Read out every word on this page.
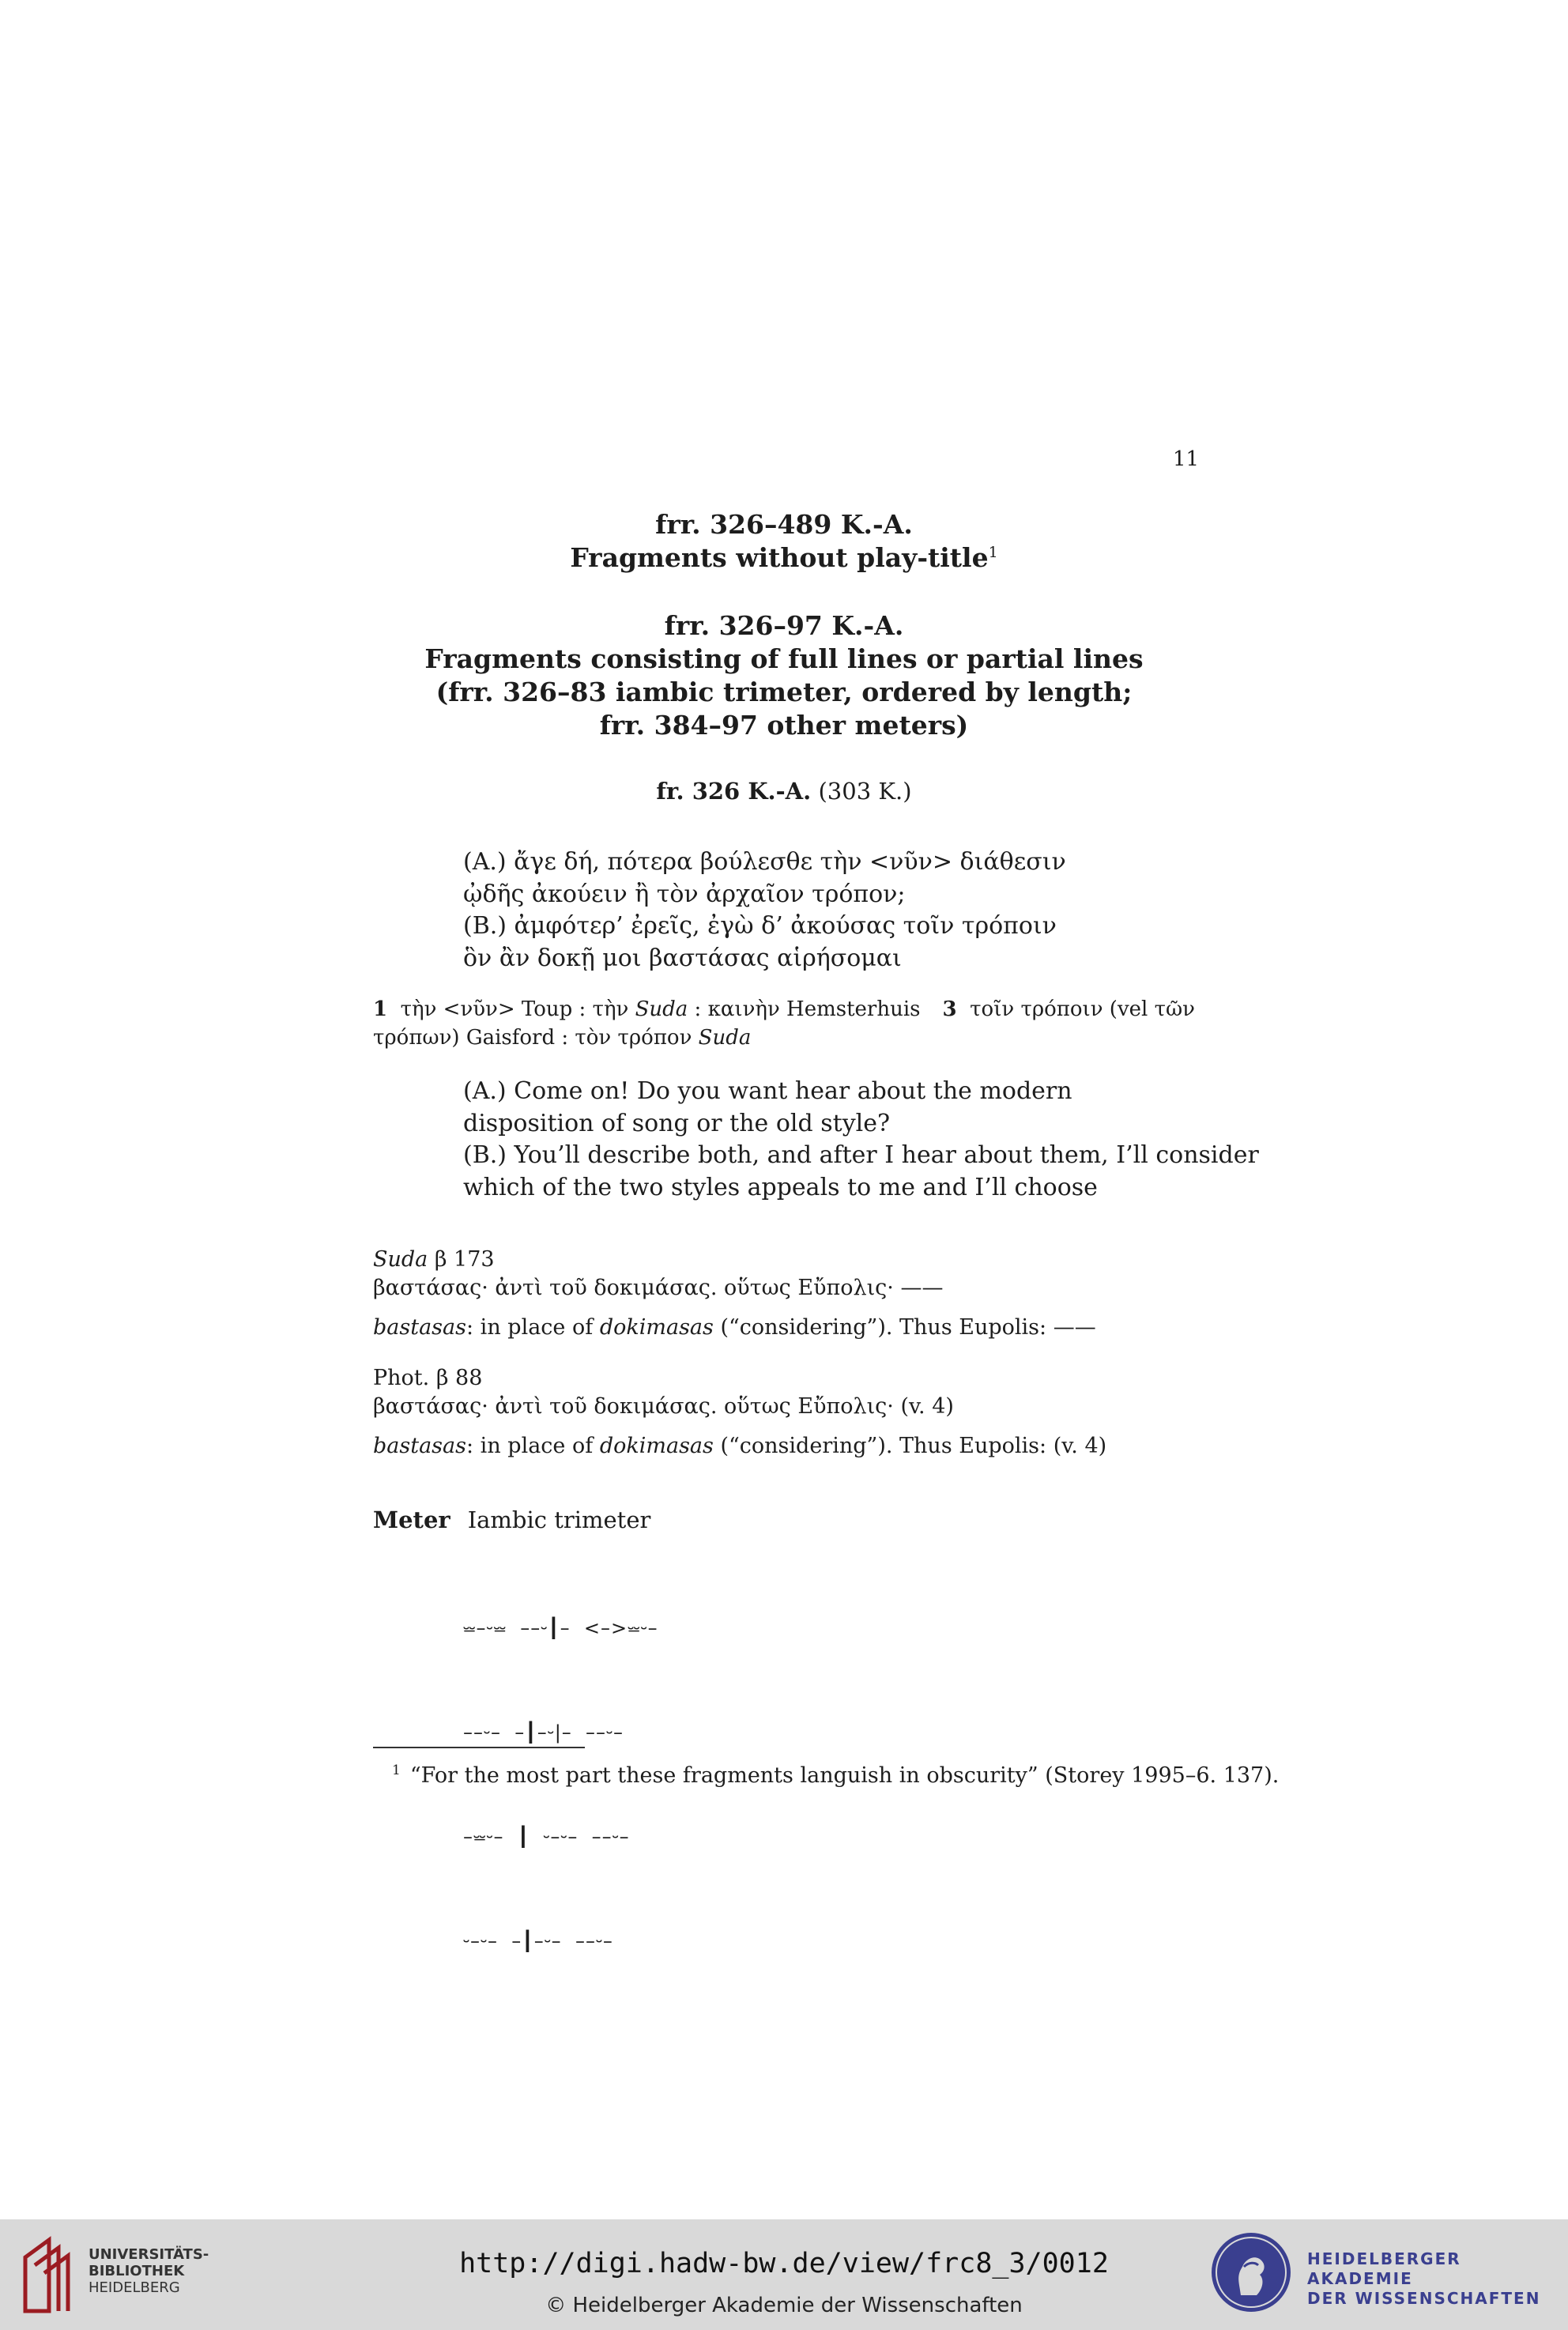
11
frr. 326–489 K.-A.
Fragments without play-title$^1$
frr. 326–97 K.-A.
Fragments consisting of full lines or partial lines
(frr. 326–83 iambic trimeter, ordered by length;
frr. 384–97 other meters)
fr. 326 K.-A. (303 K.)
(A.) ἄγε δή, πότερα βούλεσθε τὴν <νῦν> διάθεσιν
ᾠδῆς ἀκούειν ἢ τὸν ἀρχαῖον τρόπον;
(B.) ἀμφότερ’ ἐρεῖς, ἐγὼ δ’ ἀκούσας τοῖν τρόποιν
ὃν ἂν δοκῇ μοι βαστάσας αἱρήσομαι
1 τὴν <νῦν> Toup : τὴν Suda : καινὴν Hemsterhuis 3 τοῖν τρόποιν (vel τῶν
τρόπων) Gaisford : τὸν τρόπον Suda
(A.) Come on! Do you want hear about the modern
disposition of song or the old style?
(B.) You’ll describe both, and after I hear about them, I’ll consider
which of the two styles appeals to me and I’ll choose
Suda β 173
βαστάσας· ἀντὶ τοῦ δοκιμάσας. οὕτως Εὔπολις· ——
bastasas: in place of dokimasas (“considering”). Thus Eupolis: ——
Phot. β 88
βαστάσας· ἀντὶ τοῦ δοκιμάσας. οὕτως Εὔπολις· (v. 4)
bastasas: in place of dokimasas (“considering”). Thus Eupolis: (v. 4)
Meter Iambic trimeter

⏕–⏑⏕  ––⏑┃–  <–>⏕⏑–

––⏑–  –┃–⏑|–  ––⏑–

–⏕⏑–  ┃  ⏑–⏑–  ––⏑–

⏑–⏑–  –┃–⏑–  ––⏑–

$^1$ “For the most part these fragments languish in obscurity” (Storey 1995–6. 137).
UNIVERSITÄTS-
BIBLIOTHEK
HEIDELBERG
http://digi.hadw-bw.de/view/frc8_3/0012
© Heidelberger Akademie der Wissenschaften
HEIDELBERGER AKADEMIE
DER WISSENSCHAFTEN
